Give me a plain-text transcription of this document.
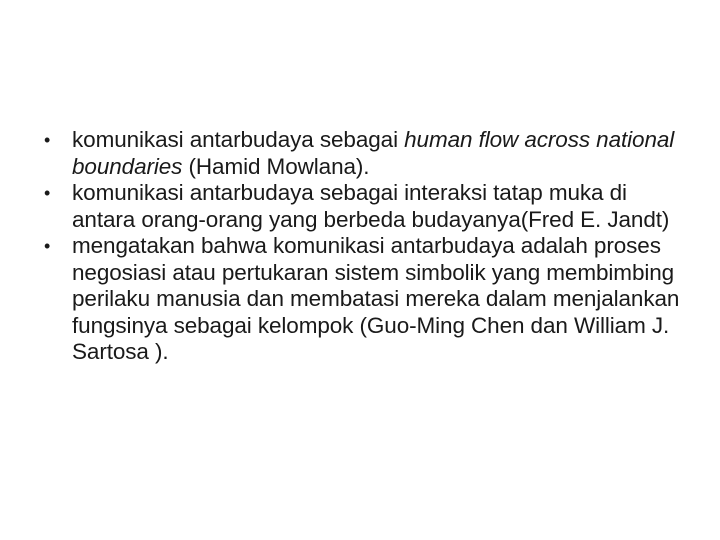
• komunikasi antarbudaya sebagai human flow across national boundaries (Hamid Mowlana).
• komunikasi antarbudaya sebagai interaksi tatap muka di antara orang-orang yang berbeda budayanya(Fred E. Jandt)
• mengatakan bahwa komunikasi antarbudaya adalah proses negosiasi atau pertukaran sistem simbolik yang membimbing perilaku manusia dan membatasi mereka dalam menjalankan fungsinya sebagai kelompok (Guo-Ming Chen dan William J. Sartosa ).
